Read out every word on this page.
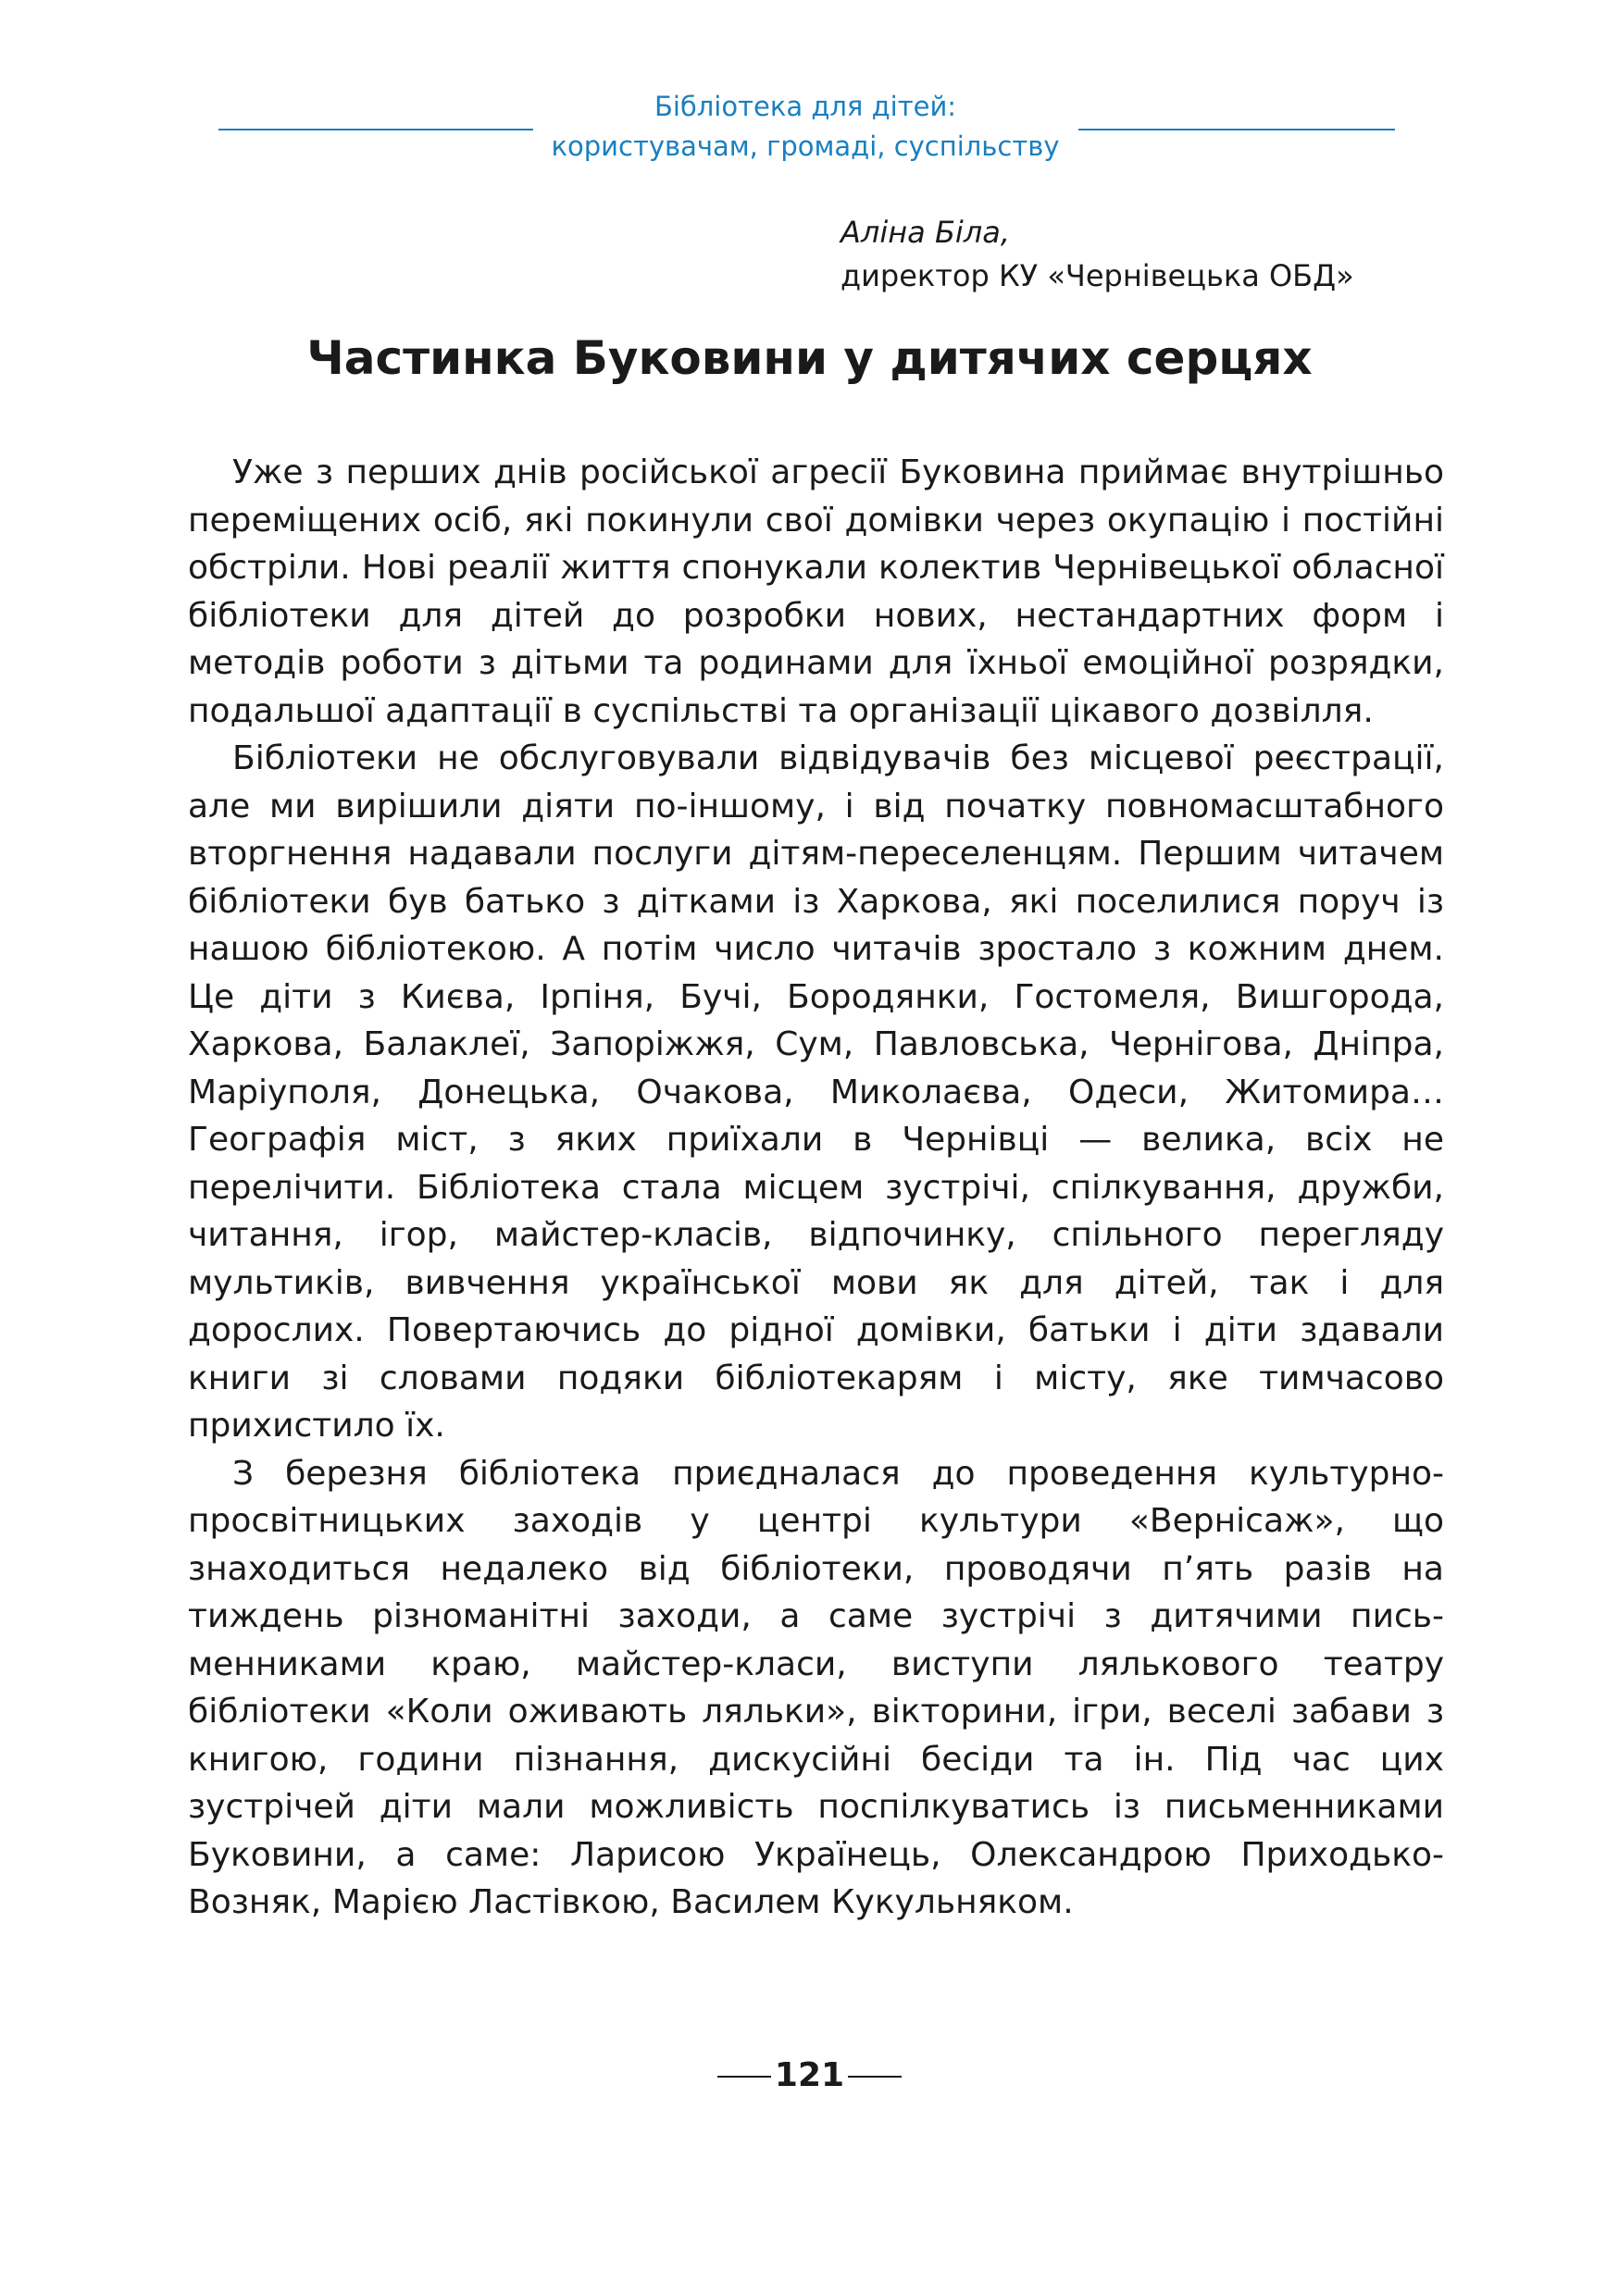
Бібліотека для дітей:
користувачам, громаді, суспільству
Аліна Біла,
директор КУ «Чернівецька ОБД»
Частинка Буковини у дитячих серцях

Уже з перших днів російської агресії Буковина приймає внутрішньо переміщених осіб, які покинули свої домівки через окупацію і постійні обстріли. Нові реалії життя спонукали колектив Чернівецької обласної бібліотеки для дітей до розробки нових, нестандартних форм і методів роботи з дітьми та родинами для їхньої емоційної розрядки, подальшої адаптації в суспільстві та організації цікавого дозвілля.

Бібліотеки не обслуговували відвідувачів без місцевої реєстрації, але ми вирішили діяти по-іншому, і від початку повномасштабного вторгнення надавали послуги дітям-переселенцям. Першим читачем бібліотеки був батько з дітками із Харкова, які поселилися поруч із нашою бібліотекою. А потім число читачів зростало з кожним днем. Це діти з Києва, Ірпіня, Бучі, Бородянки, Гостомеля, Вишгорода, Харкова, Балаклеї, Запоріжжя, Сум, Павловська, Чернігова, Дніпра, Маріуполя, Донецька, Очакова, Миколаєва, Одеси, Житомира… Географія міст, з яких приїхали в Чернівці — велика, всіх не перелічити. Бібліотека стала місцем зустрічі, спілкування, дружби, читання, ігор, майстер-класів, відпочинку, спільного перегляду мультиків, вивчення української мови як для дітей, так і для дорослих. Повертаючись до рідної домівки, батьки і діти здавали книги зі словами подяки бібліотекарям і місту, яке тимчасово прихистило їх.

З березня бібліотека приєдналася до проведення культурно-просвітницьких заходів у центрі культури «Вернісаж», що знаходиться недалеко від бібліотеки, проводячи п’ять разів на тиждень різноманітні заходи, а саме зустрічі з дитячими письменниками краю, майстер-класи, виступи лялькового театру бібліотеки «Коли оживають ляльки», вікторини, ігри, веселі забави з книгою, години пізнання, дискусійні бесіди та ін. Під час цих зустрічей діти мали можливість поспілкуватись із письменниками Буковини, а саме: Ларисою Українець, Олександрою Приходько-Возняк, Марією Ластівкою, Василем Кукульняком.

121
